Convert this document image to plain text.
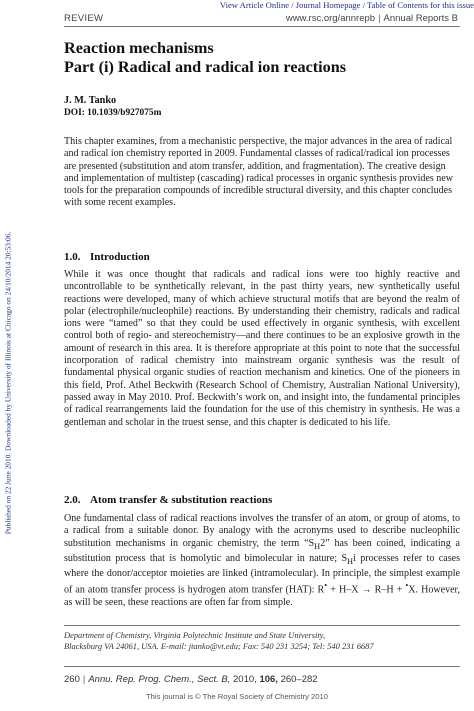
View Article Online / Journal Homepage / Table of Contents for this issue
REVIEW	www.rsc.org/annrepb | Annual Reports B
Published on 22 June 2010. Downloaded by University of Illinois at Chicago on 24/10/2014 20:53:06.
Reaction mechanisms
Part (i) Radical and radical ion reactions
J. M. Tanko
DOI: 10.1039/b927075m
This chapter examines, from a mechanistic perspective, the major advances in the area of radical and radical ion chemistry reported in 2009. Fundamental classes of radical/radical ion processes are presented (substitution and atom transfer, addition, and fragmentation). The creative design and implementation of multistep (cascading) radical processes in organic synthesis provides new tools for the preparation compounds of incredible structural diversity, and this chapter concludes with some recent examples.
1.0. Introduction
While it was once thought that radicals and radical ions were too highly reactive and uncontrollable to be synthetically relevant, in the past thirty years, new synthetically useful reactions were developed, many of which achieve structural motifs that are beyond the realm of polar (electrophile/nucleophile) reactions. By understanding their chemistry, radicals and radical ions were “tamed” so that they could be used effectively in organic synthesis, with excellent control both of regio- and stereochemistry—and there continues to be an explosive growth in the amount of research in this area. It is therefore appropriate at this point to note that the successful incorporation of radical chemistry into mainstream organic synthesis was the result of fundamental physical organic studies of reaction mechanism and kinetics. One of the pioneers in this field, Prof. Athel Beckwith (Research School of Chemistry, Australian National University), passed away in May 2010. Prof. Beckwith’s work on, and insight into, the fundamental principles of radical rearrangements laid the foundation for the use of this chemistry in synthesis. He was a gentleman and scholar in the truest sense, and this chapter is dedicated to his life.
2.0. Atom transfer & substitution reactions
One fundamental class of radical reactions involves the transfer of an atom, or group of atoms, to a radical from a suitable donor. By analogy with the acronyms used to describe nucleophilic substitution mechanisms in organic chemistry, the term “$S_H2$” has been coined, indicating a substitution process that is homolytic and bimolecular in nature; $S_Hi$ processes refer to cases where the donor/acceptor moieties are linked (intramolecular). In principle, the simplest example of an atom transfer process is hydrogen atom transfer (HAT): R• + H–X → R–H + •X. However, as will be seen, these reactions are often far from simple.
Department of Chemistry, Virginia Polytechnic Institute and State University,
Blacksburg VA 24061, USA. E-mail: jtanko@vt.edu; Fax: 540 231 3254; Tel: 540 231 6687
260 | Annu. Rep. Prog. Chem., Sect. B, 2010, 106, 260–282
This journal is © The Royal Society of Chemistry 2010
